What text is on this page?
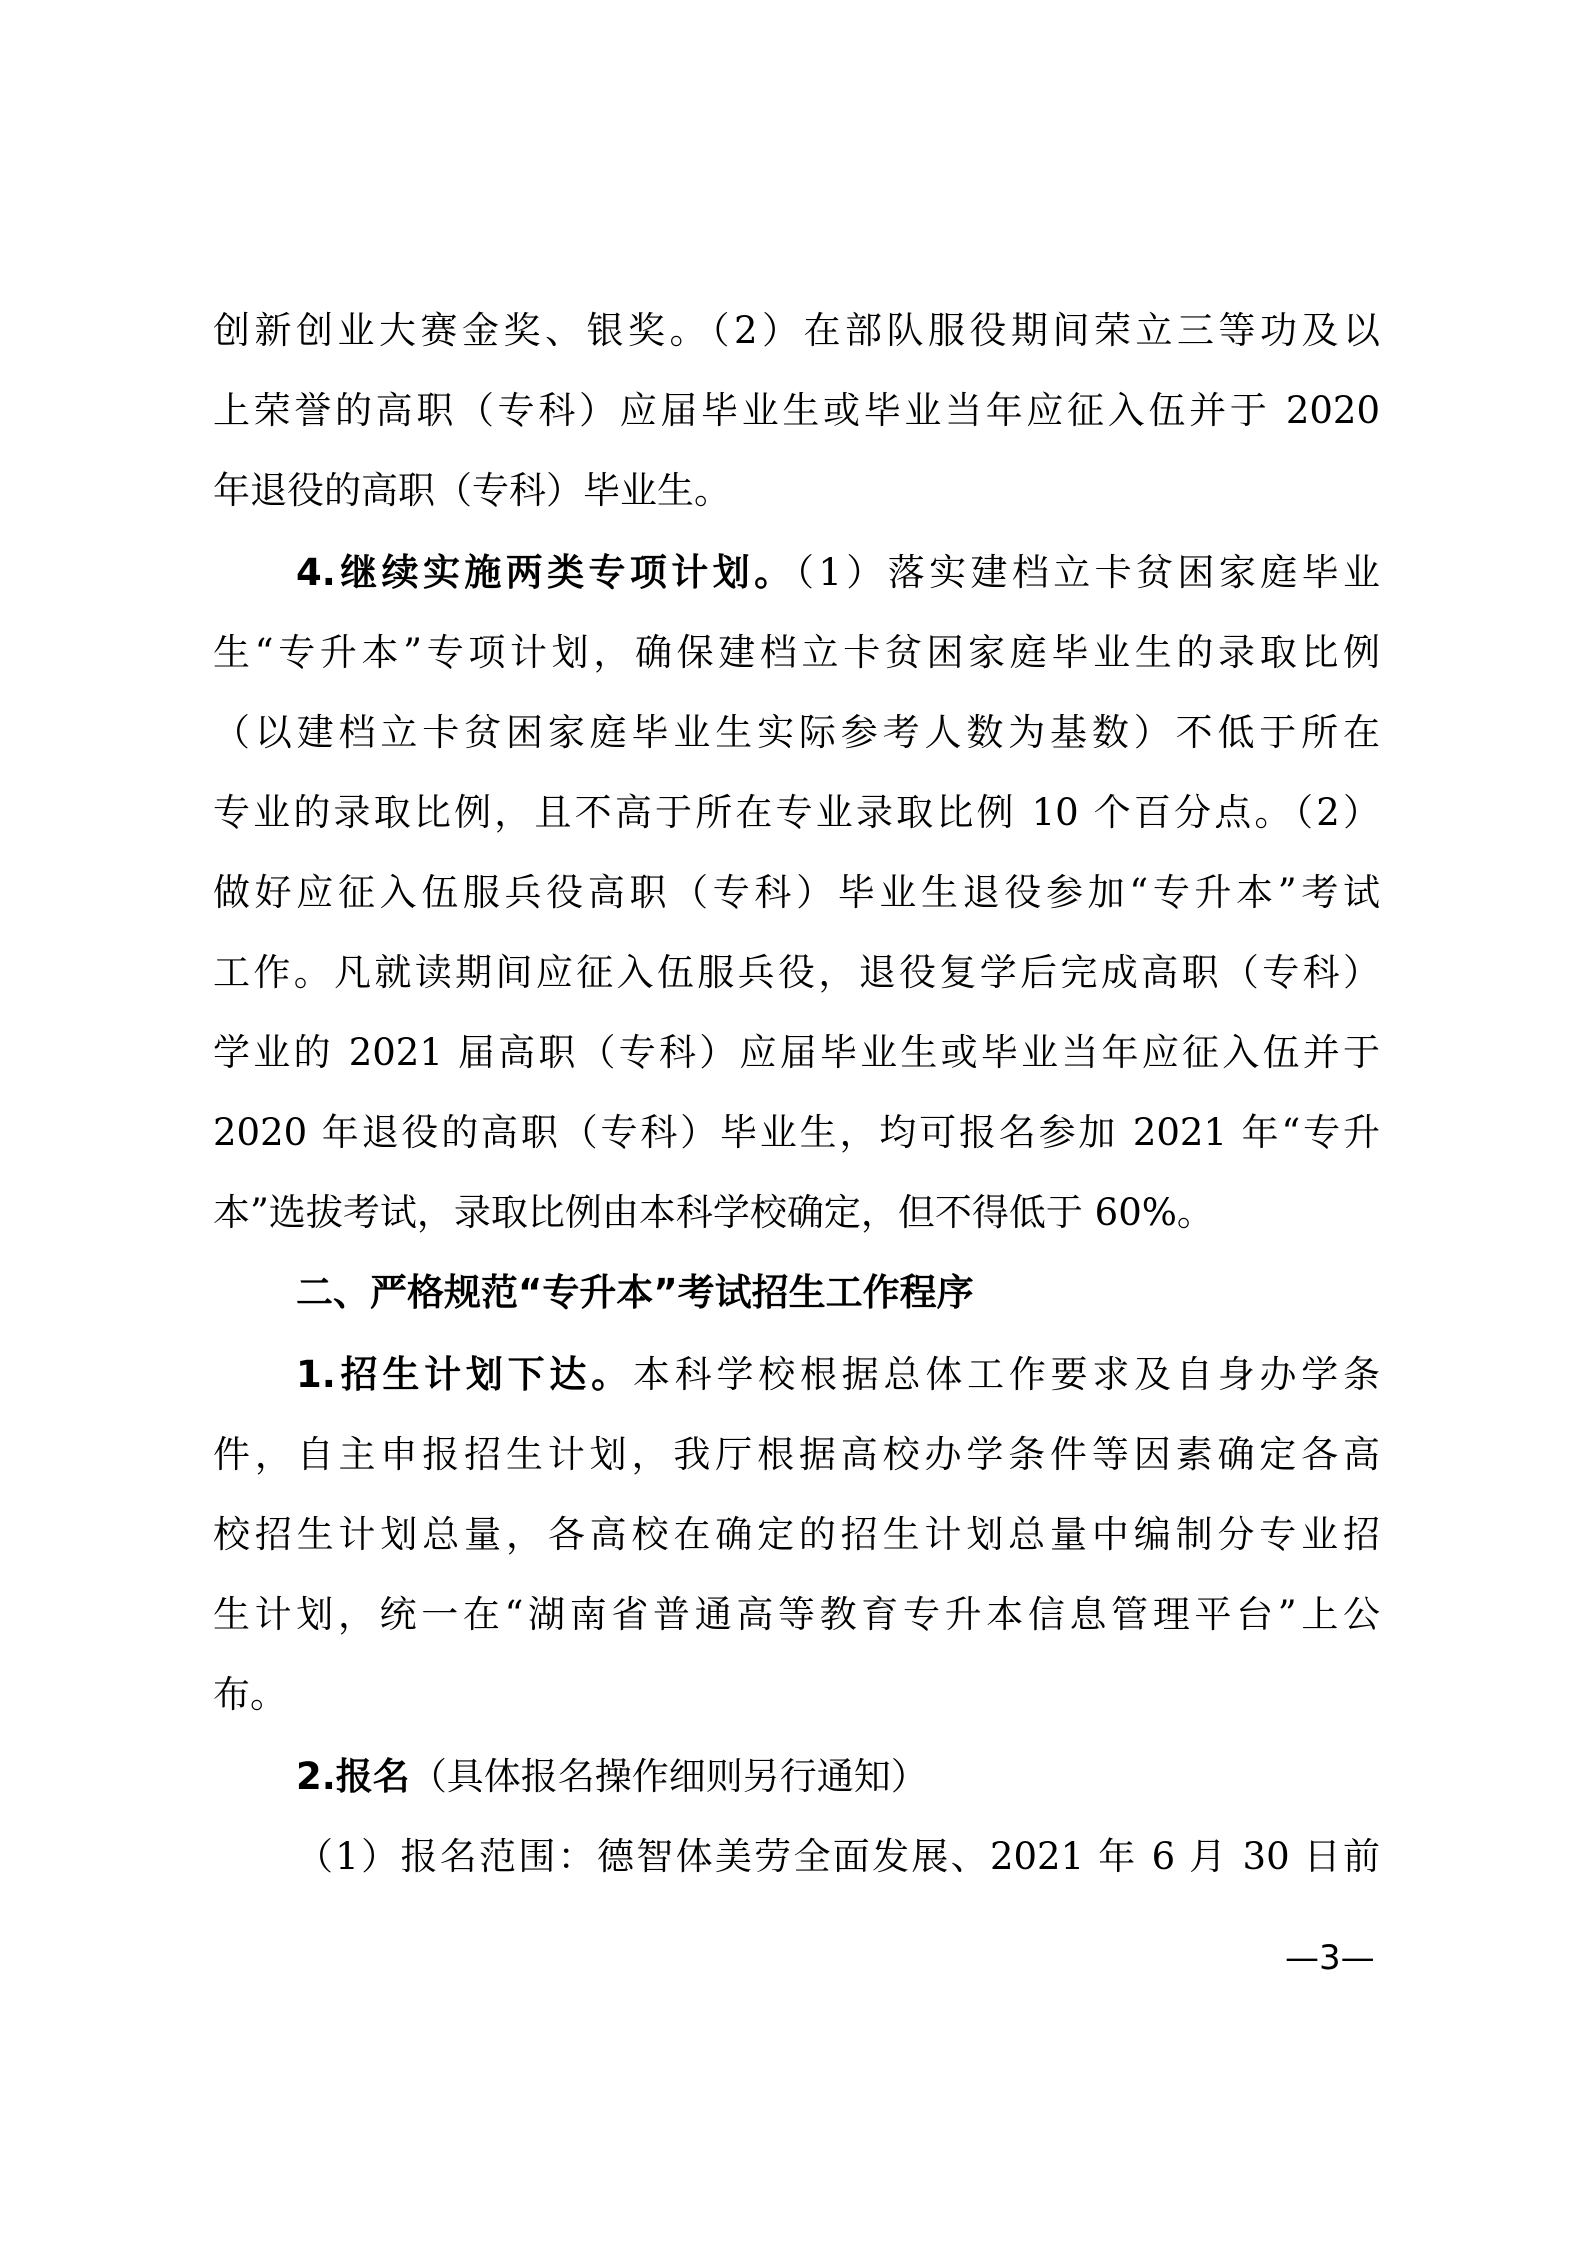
创新创业大赛金奖、银奖。（2）在部队服役期间荣立三等功及以
上荣誉的高职（专科）应届毕业生或毕业当年应征入伍并于 2020
年退役的高职（专科）毕业生。
4.继续实施两类专项计划。（1）落实建档立卡贫困家庭毕业
生“专升本”专项计划，确保建档立卡贫困家庭毕业生的录取比例
（以建档立卡贫困家庭毕业生实际参考人数为基数）不低于所在
专业的录取比例，且不高于所在专业录取比例 10 个百分点。（2）
做好应征入伍服兵役高职（专科）毕业生退役参加“专升本”考试
工作。凡就读期间应征入伍服兵役，退役复学后完成高职（专科）
学业的 2021 届高职（专科）应届毕业生或毕业当年应征入伍并于
2020 年退役的高职（专科）毕业生，均可报名参加 2021 年“专升
本”选拔考试，录取比例由本科学校确定，但不得低于 60%。
二、严格规范“专升本”考试招生工作程序
1.招生计划下达。本科学校根据总体工作要求及自身办学条
件，自主申报招生计划，我厅根据高校办学条件等因素确定各高
校招生计划总量，各高校在确定的招生计划总量中编制分专业招
生计划，统一在“湖南省普通高等教育专升本信息管理平台”上公
布。
2.报名（具体报名操作细则另行通知）
（1）报名范围：德智体美劳全面发展、2021 年 6 月 30 日前
—3—
